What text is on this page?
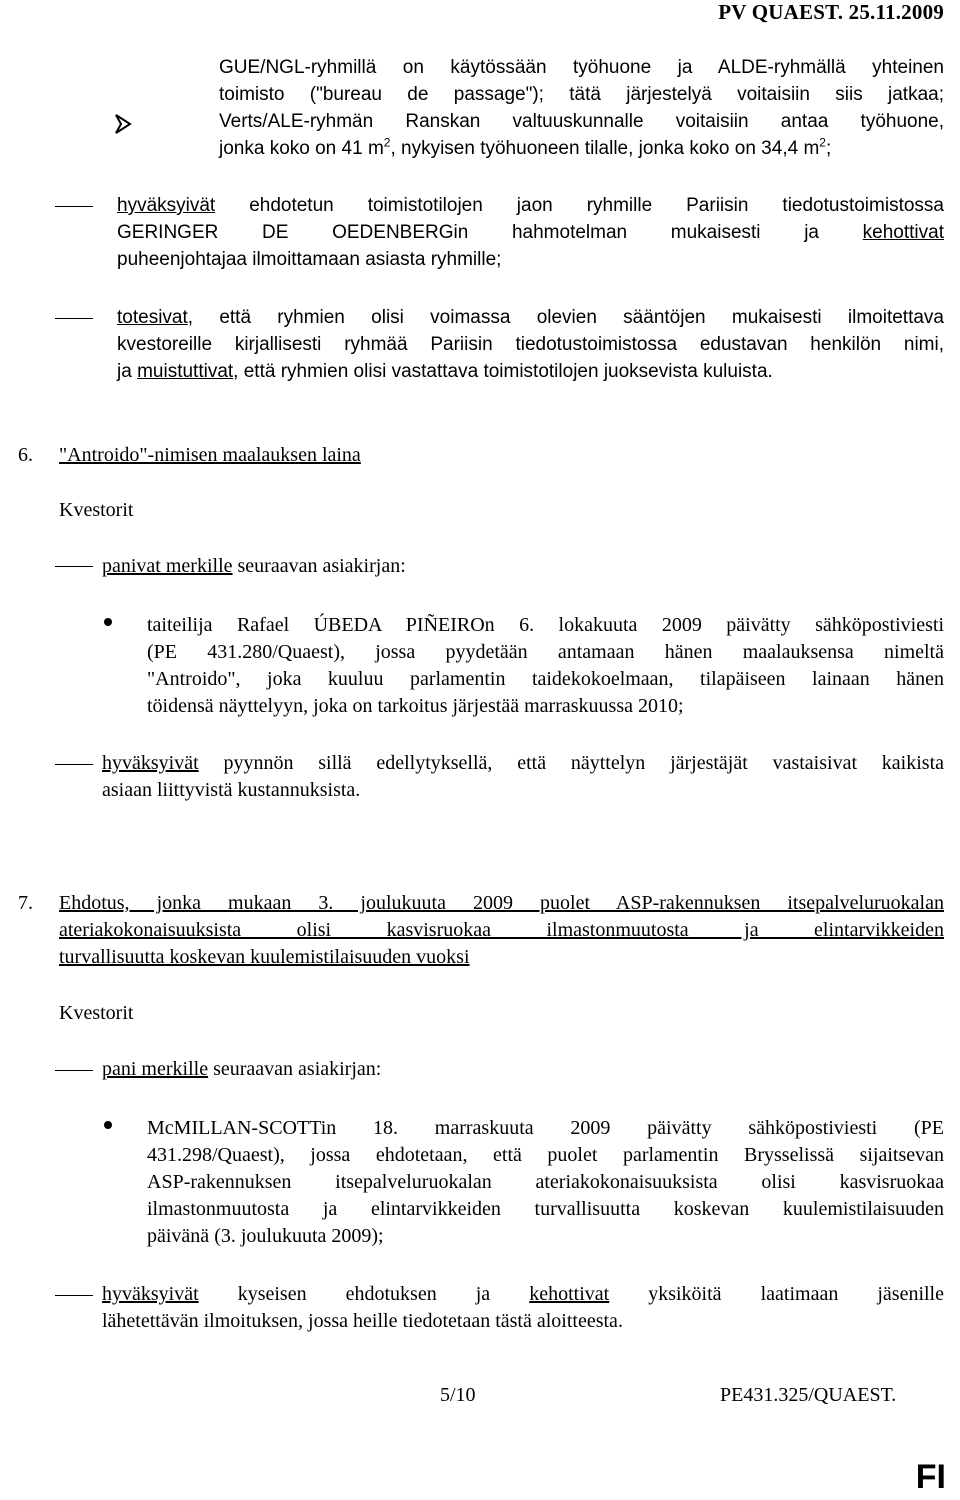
PV QUAEST. 25.11.2009
GUE/NGL-ryhmillä on käytössään työhuone ja ALDE-ryhmällä yhteinen
toimisto ("bureau de passage"); tätä järjestelyä voitaisiin siis jatkaa;
Verts/ALE-ryhmän Ranskan valtuuskunnalle voitaisiin antaa työhuone,
jonka koko on 41 $m^2$, nykyisen työhuoneen tilalle, jonka koko on 34,4 $m^2$;
hyväksyivät ehdotetun toimistotilojen jaon ryhmille Pariisin tiedotustoimistossa
GERINGER DE OEDENBERGin hahmotelman mukaisesti ja kehottivat
puheenjohtajaa ilmoittamaan asiasta ryhmille;
totesivat, että ryhmien olisi voimassa olevien sääntöjen mukaisesti ilmoitettava
kvestoreille kirjallisesti ryhmää Pariisin tiedotustoimistossa edustavan henkilön nimi,
ja muistuttivat, että ryhmien olisi vastattava toimistotilojen juoksevista kuluista.
6. "Antroido"-nimisen maalauksen laina
Kvestorit
panivat merkille seuraavan asiakirjan:
taiteilija Rafael ÚBEDA PIÑEIROn 6. lokakuuta 2009 päivätty sähköpostiviesti
(PE 431.280/Quaest), jossa pyydetään antamaan hänen maalauksensa nimeltä
"Antroido", joka kuuluu parlamentin taidekokoelmaan, tilapäiseen lainaan hänen
töidensä näyttelyyn, joka on tarkoitus järjestää marraskuussa 2010;
hyväksyivät pyynnön sillä edellytyksellä, että näyttelyn järjestäjät vastaisivat kaikista
asiaan liittyvistä kustannuksista.
7. Ehdotus, jonka mukaan 3. joulukuuta 2009 puolet ASP-rakennuksen itsepalveluruokalan
ateriakokonaisuuksista olisi kasvisruokaa ilmastonmuutosta ja elintarvikkeiden
turvallisuutta koskevan kuulemistilaisuuden vuoksi
Kvestorit
pani merkille seuraavan asiakirjan:
McMILLAN-SCOTTin 18. marraskuuta 2009 päivätty sähköpostiviesti (PE
431.298/Quaest), jossa ehdotetaan, että puolet parlamentin Brysselissä sijaitsevan
ASP-rakennuksen itsepalveluruokalan ateriakokonaisuuksista olisi kasvisruokaa
ilmastonmuutosta ja elintarvikkeiden turvallisuutta koskevan kuulemistilaisuuden
päivänä (3. joulukuuta 2009);
hyväksyivät kyseisen ehdotuksen ja kehottivat yksiköitä laatimaan jäsenille
lähetettävän ilmoituksen, jossa heille tiedotetaan tästä aloitteesta.
5/10	PE431.325/QUAEST.
FI
